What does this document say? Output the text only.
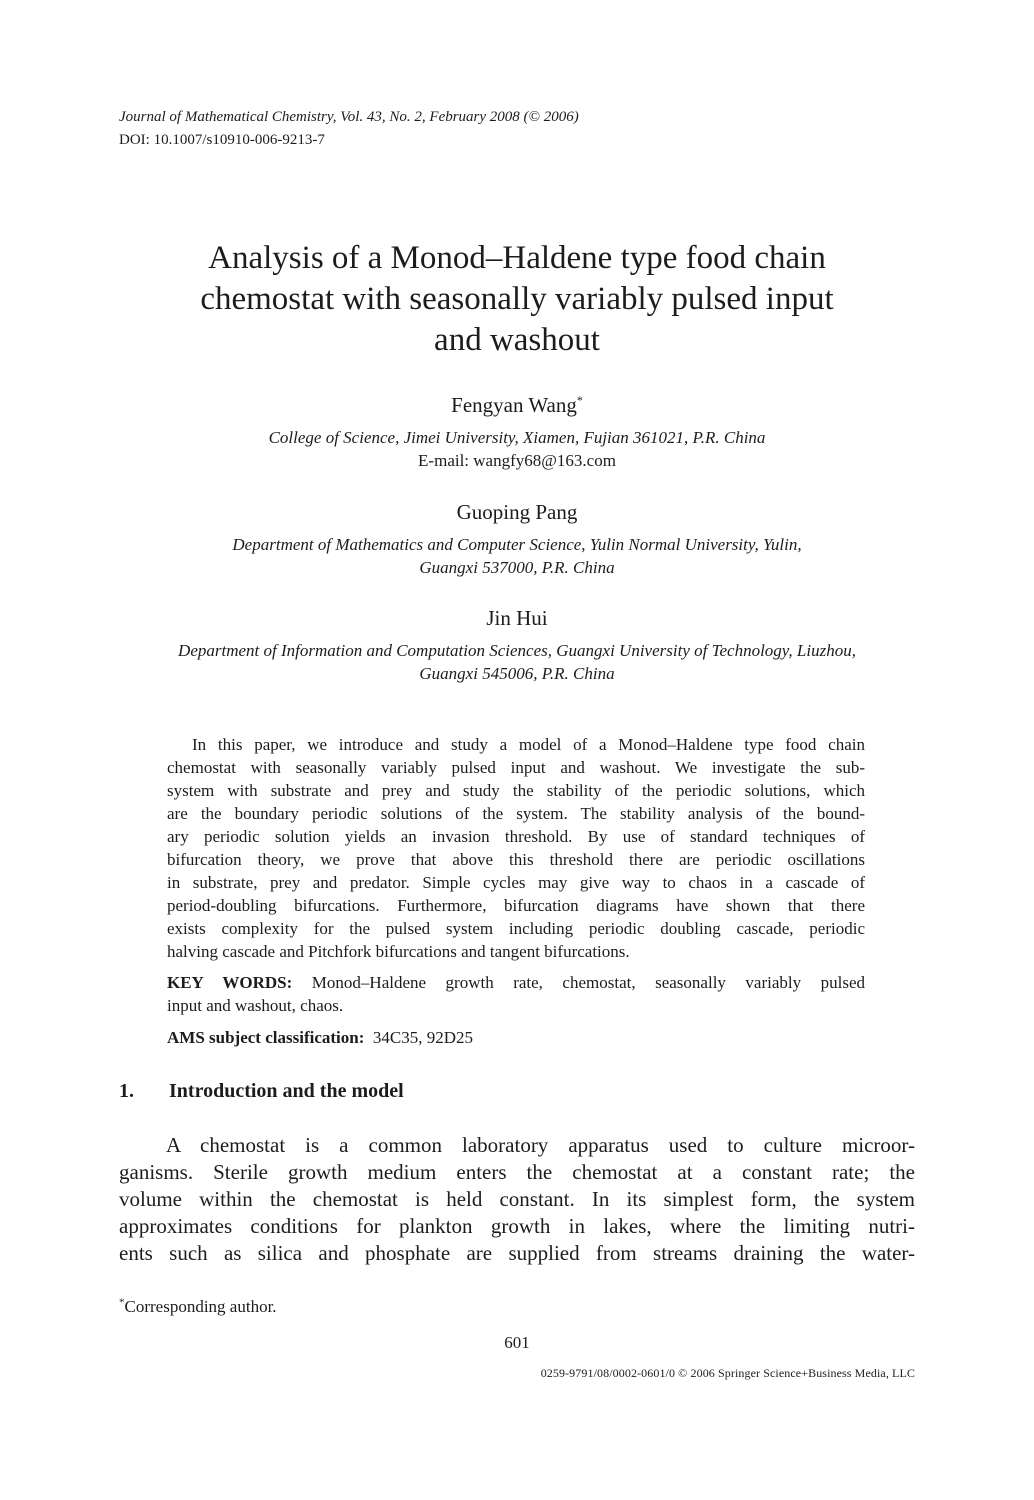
Journal of Mathematical Chemistry, Vol. 43, No. 2, February 2008 (© 2006)
DOI: 10.1007/s10910-006-9213-7
Analysis of a Monod–Haldene type food chain
chemostat with seasonally variably pulsed input
and washout
Fengyan Wang*
College of Science, Jimei University, Xiamen, Fujian 361021, P.R. China
E-mail: wangfy68@163.com
Guoping Pang
Department of Mathematics and Computer Science, Yulin Normal University, Yulin,
Guangxi 537000, P.R. China
Jin Hui
Department of Information and Computation Sciences, Guangxi University of Technology, Liuzhou,
Guangxi 545006, P.R. China
In this paper, we introduce and study a model of a Monod–Haldene type food chain
chemostat with seasonally variably pulsed input and washout. We investigate the sub-
system with substrate and prey and study the stability of the periodic solutions, which
are the boundary periodic solutions of the system. The stability analysis of the bound-
ary periodic solution yields an invasion threshold. By use of standard techniques of
bifurcation theory, we prove that above this threshold there are periodic oscillations
in substrate, prey and predator. Simple cycles may give way to chaos in a cascade of
period-doubling bifurcations. Furthermore, bifurcation diagrams have shown that there
exists complexity for the pulsed system including periodic doubling cascade, periodic
halving cascade and Pitchfork bifurcations and tangent bifurcations.
KEY WORDS: Monod–Haldene growth rate, chemostat, seasonally variably pulsed
input and washout, chaos.
AMS subject classification: 34C35, 92D25
1. Introduction and the model
A chemostat is a common laboratory apparatus used to culture microor-
ganisms. Sterile growth medium enters the chemostat at a constant rate; the
volume within the chemostat is held constant. In its simplest form, the system
approximates conditions for plankton growth in lakes, where the limiting nutri-
ents such as silica and phosphate are supplied from streams draining the water-
*Corresponding author.
601
0259-9791/08/0002-0601/0 © 2006 Springer Science+Business Media, LLC
